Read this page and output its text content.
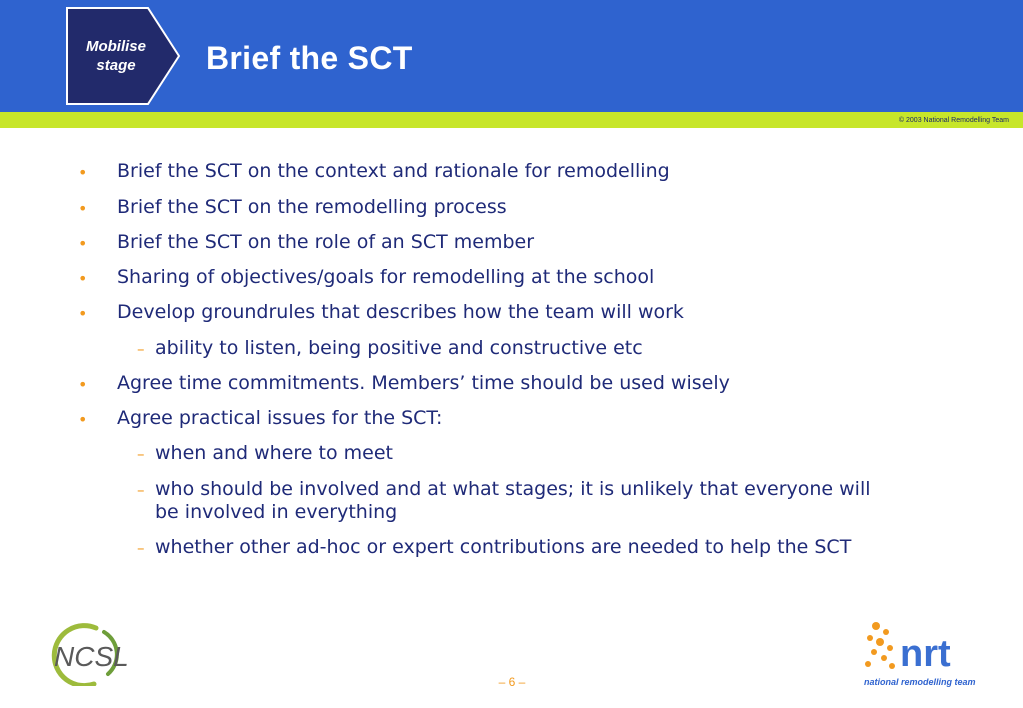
© 2003 National Remodelling Team
Mobilise
stage	Brief the SCT
• Brief the SCT on the context and rationale for remodelling
• Brief the SCT on the remodelling process
• Brief the SCT on the role of an SCT member
• Sharing of objectives/goals for remodelling at the school
• Develop groundrules that describes how the team will work
– ability to listen, being positive and constructive etc
• Agree time commitments. Members’ time should be used wisely
• Agree practical issues for the SCT:
– when and where to meet
– who should be involved and at what stages; it is unlikely that everyone will
be involved in everything
– whether other ad-hoc or expert contributions are needed to help the SCT
NCSL
– 6 –
nrt
national remodelling team
